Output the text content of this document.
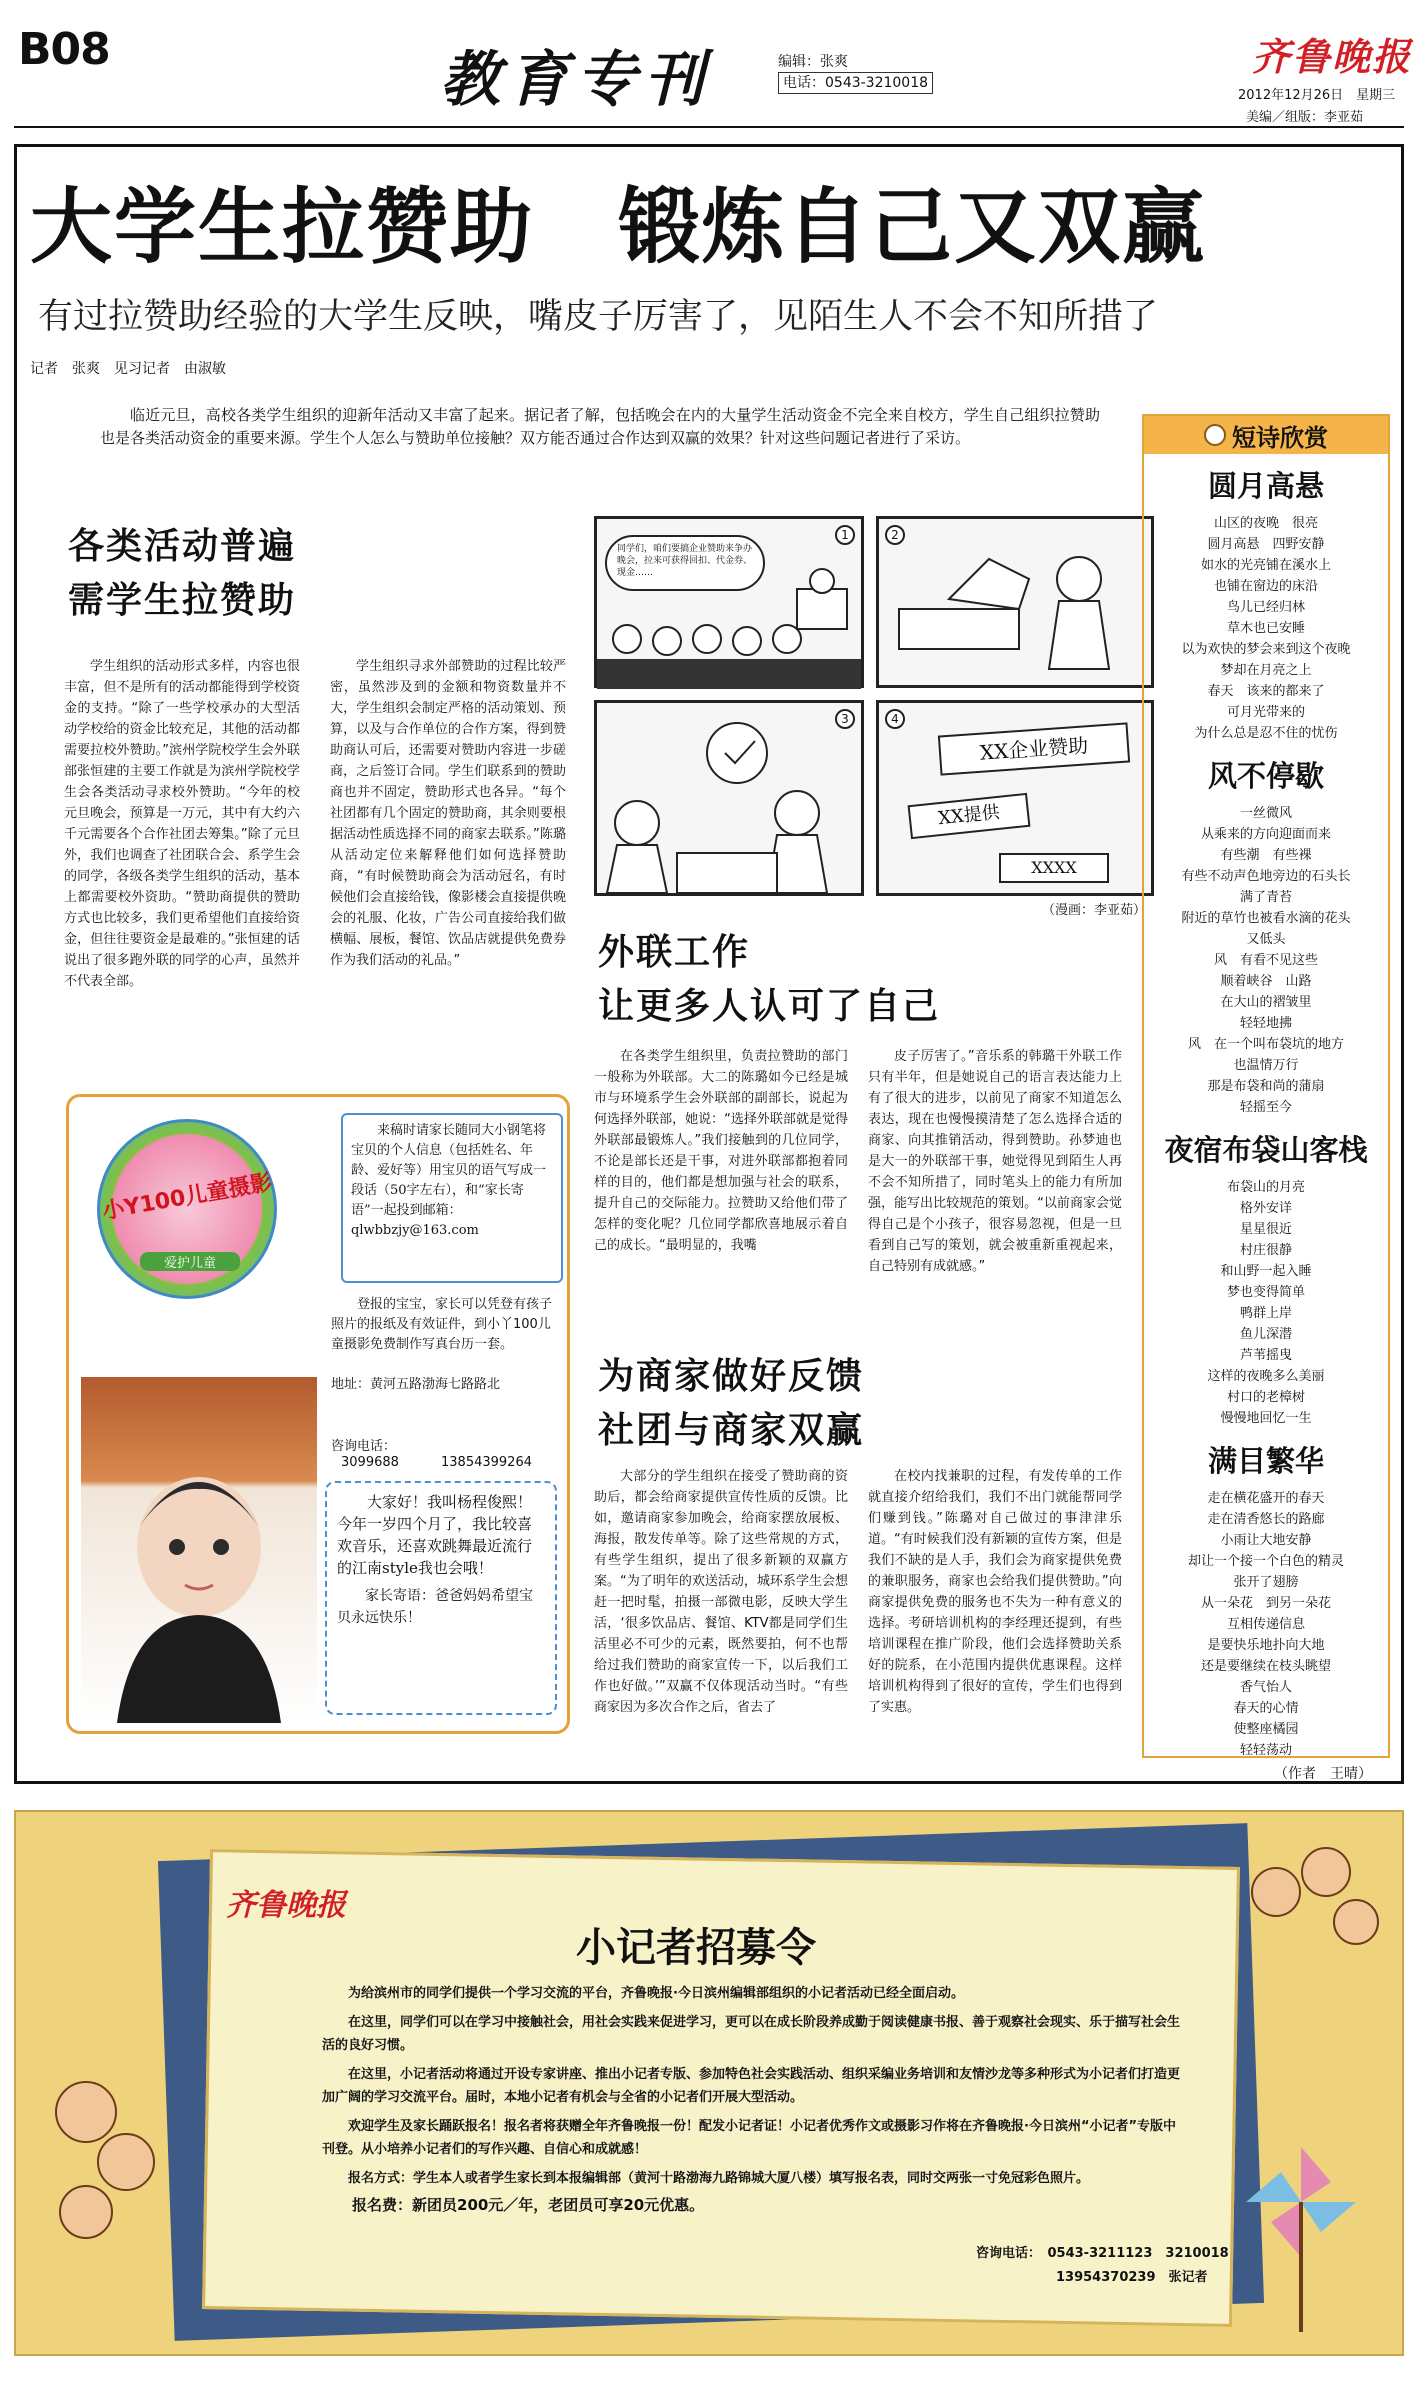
B08	教育专刊	编辑：张爽
电话：0543-3210018
齐鲁晚报
2012年12月26日　星期三
美编／组版：李亚茹
大学生拉赞助　锻炼自己又双赢
有过拉赞助经验的大学生反映，嘴皮子厉害了，见陌生人不会不知所措了
记者　张爽　见习记者　由淑敏
临近元旦，高校各类学生组织的迎新年活动又丰富了起来。据记者了解，包括晚会在内的大量学生活动资金不完全来自校方，学生自己组织拉赞助也是各类活动资金的重要来源。学生个人怎么与赞助单位接触？双方能否通过合作达到双赢的效果？针对这些问题记者进行了采访。
各类活动普遍
需学生拉赞助
学生组织的活动形式多样，内容也很丰富，但不是所有的活动都能得到学校资金的支持。“除了一些学校承办的大型活动学校给的资金比较充足，其他的活动都需要拉校外赞助。”滨州学院校学生会外联部张恒建的主要工作就是为滨州学院校学生会各类活动寻求校外赞助。“今年的校元旦晚会，预算是一万元，其中有大约六千元需要各个合作社团去筹集。”除了元旦外，我们也调查了社团联合会、系学生会的同学，各级各类学生组织的活动，基本上都需要校外资助。“赞助商提供的赞助方式也比较多，我们更希望他们直接给资金，但往往要资金是最难的。”张恒建的话说出了很多跑外联的同学的心声，虽然并不代表全部。
学生组织寻求外部赞助的过程比较严密，虽然涉及到的金额和物资数量并不大，学生组织会制定严格的活动策划、预算，以及与合作单位的合作方案，得到赞助商认可后，还需要对赞助内容进一步磋商，之后签订合同。学生们联系到的赞助商也并不固定，赞助形式也各异。“每个社团都有几个固定的赞助商，其余则要根据活动性质选择不同的商家去联系。”陈璐从活动定位来解释他们如何选择赞助商，“有时候赞助商会为活动冠名，有时候他们会直接给钱，像影楼会直接提供晚会的礼服、化妆，广告公司直接给我们做横幅、展板，餐馆、饮品店就提供免费券作为我们活动的礼品。”
1
同学们，咱们要搞企业赞助来争办晚会，拉来可获得回扣、代金券、现金……
2
3	4
XX企业赞助
XX提供
XXXX
（漫画：李亚茹）
外联工作
让更多人认可了自己
在各类学生组织里，负责拉赞助的部门一般称为外联部。大二的陈璐如今已经是城市与环境系学生会外联部的副部长，说起为何选择外联部，她说：“选择外联部就是觉得外联部最锻炼人。”我们接触到的几位同学，不论是部长还是干事，对进外联部都抱着同样的目的，他们都是想加强与社会的联系，提升自己的交际能力。拉赞助又给他们带了怎样的变化呢？几位同学都欣喜地展示着自己的成长。“最明显的，我嘴
皮子厉害了。”音乐系的韩璐干外联工作只有半年，但是她说自己的语言表达能力上有了很大的进步，以前见了商家不知道怎么表达，现在也慢慢摸清楚了怎么选择合适的商家、向其推销活动，得到赞助。孙梦迪也是大一的外联部干事，她觉得见到陌生人再不会不知所措了，同时笔头上的能力有所加强，能写出比较规范的策划。“以前商家会觉得自己是个小孩子，很容易忽视，但是一旦看到自己写的策划，就会被重新重视起来，自己特别有成就感。”
为商家做好反馈
社团与商家双赢
大部分的学生组织在接受了赞助商的资助后，都会给商家提供宣传性质的反馈。比如，邀请商家参加晚会，给商家摆放展板、海报，散发传单等。除了这些常规的方式，有些学生组织，提出了很多新颖的双赢方案。“为了明年的欢送活动，城环系学生会想赶一把时髦，拍摄一部微电影，反映大学生活，‘很多饮品店、餐馆、KTV都是同学们生活里必不可少的元素，既然要拍，何不也帮给过我们赞助的商家宣传一下，以后我们工作也好做。’”双赢不仅体现活动当时。“有些商家因为多次合作之后，省去了
在校内找兼职的过程，有发传单的工作就直接介绍给我们，我们不出门就能帮同学们赚到钱。”陈璐对自己做过的事津津乐道。“有时候我们没有新颖的宣传方案，但是我们不缺的是人手，我们会为商家提供免费的兼职服务，商家也会给我们提供赞助。”向商家提供免费的服务也不失为一种有意义的选择。考研培训机构的李经理还提到，有些培训课程在推广阶段，他们会选择赞助关系好的院系，在小范围内提供优惠课程。这样培训机构得到了很好的宣传，学生们也得到了实惠。
小Y100儿童摄影
爱护儿童
来稿时请家长随同大小钢笔将宝贝的个人信息（包括姓名、年龄、爱好等）用宝贝的语气写成一段话（50字左右），和“家长寄语”一起投到邮箱：qlwbbzjy@163.com
登报的宝宝，家长可以凭登有孩子照片的报纸及有效证件，到小丫100儿童摄影免费制作写真台历一套。
地址：黄河五路渤海七路路北
咨询电话：
3099688	13854399264
大家好！我叫杨程俊熙！今年一岁四个月了，我比较喜欢音乐，还喜欢跳舞最近流行的江南style我也会哦！
家长寄语：爸爸妈妈希望宝贝永远快乐！
短诗欣赏
圆月高悬
山区的夜晚　很亮
圆月高悬　四野安静
如水的光亮铺在溪水上
也铺在窗边的床沿
鸟儿已经归林
草木也已安睡
以为欢快的梦会来到这个夜晚
梦却在月亮之上
春天　该来的都来了
可月光带来的
为什么总是忍不住的忧伤
风不停歇
一丝微风
从乘来的方向迎面而来
有些潮　有些裸
有些不动声色地旁边的石头长
满了青苔
附近的草竹也被看水滴的花头
又低头
风　有看不见这些
顺着峡谷　山路
在大山的褶皱里
轻轻地拂
风　在一个叫布袋坑的地方
也温情万行
那是布袋和尚的蒲扇
轻摇至今
夜宿布袋山客栈
布袋山的月亮
格外安详
星星很近
村庄很静
和山野一起入睡
梦也变得简单
鸭群上岸
鱼儿深潜
芦苇摇曳
这样的夜晚多么美丽
村口的老樟树
慢慢地回忆一生
满目繁华
走在横花盛开的春天
走在清香悠长的路廊
小雨让大地安静
却让一个接一个白色的精灵
张开了翅膀
从一朵花　到另一朵花
互相传递信息
是要快乐地扑向大地
还是要继续在枝头眺望
香气怡人
春天的心情
使整座橘园
轻轻荡动
（作者　王晴）
齐鲁晚报
小记者招募令

为给滨州市的同学们提供一个学习交流的平台，齐鲁晚报·今日滨州编辑部组织的小记者活动已经全面启动。

在这里，同学们可以在学习中接触社会，用社会实践来促进学习，更可以在成长阶段养成勤于阅读健康书报、善于观察社会现实、乐于描写社会生活的良好习惯。

在这里，小记者活动将通过开设专家讲座、推出小记者专版、参加特色社会实践活动、组织采编业务培训和友情沙龙等多种形式为小记者们打造更加广阔的学习交流平台。届时，本地小记者有机会与全省的小记者们开展大型活动。

欢迎学生及家长踊跃报名！报名者将获赠全年齐鲁晚报一份！配发小记者证！小记者优秀作文或摄影习作将在齐鲁晚报·今日滨州“小记者”专版中刊登。从小培养小记者们的写作兴趣、自信心和成就感！

报名方式：学生本人或者学生家长到本报编辑部（黄河十路渤海九路锦城大厦八楼）填写报名表，同时交两张一寸免冠彩色照片。

报名费：新团员200元／年，老团员可享20元优惠。

咨询电话：　0543-3211123　3210018
13954370239　张记者
